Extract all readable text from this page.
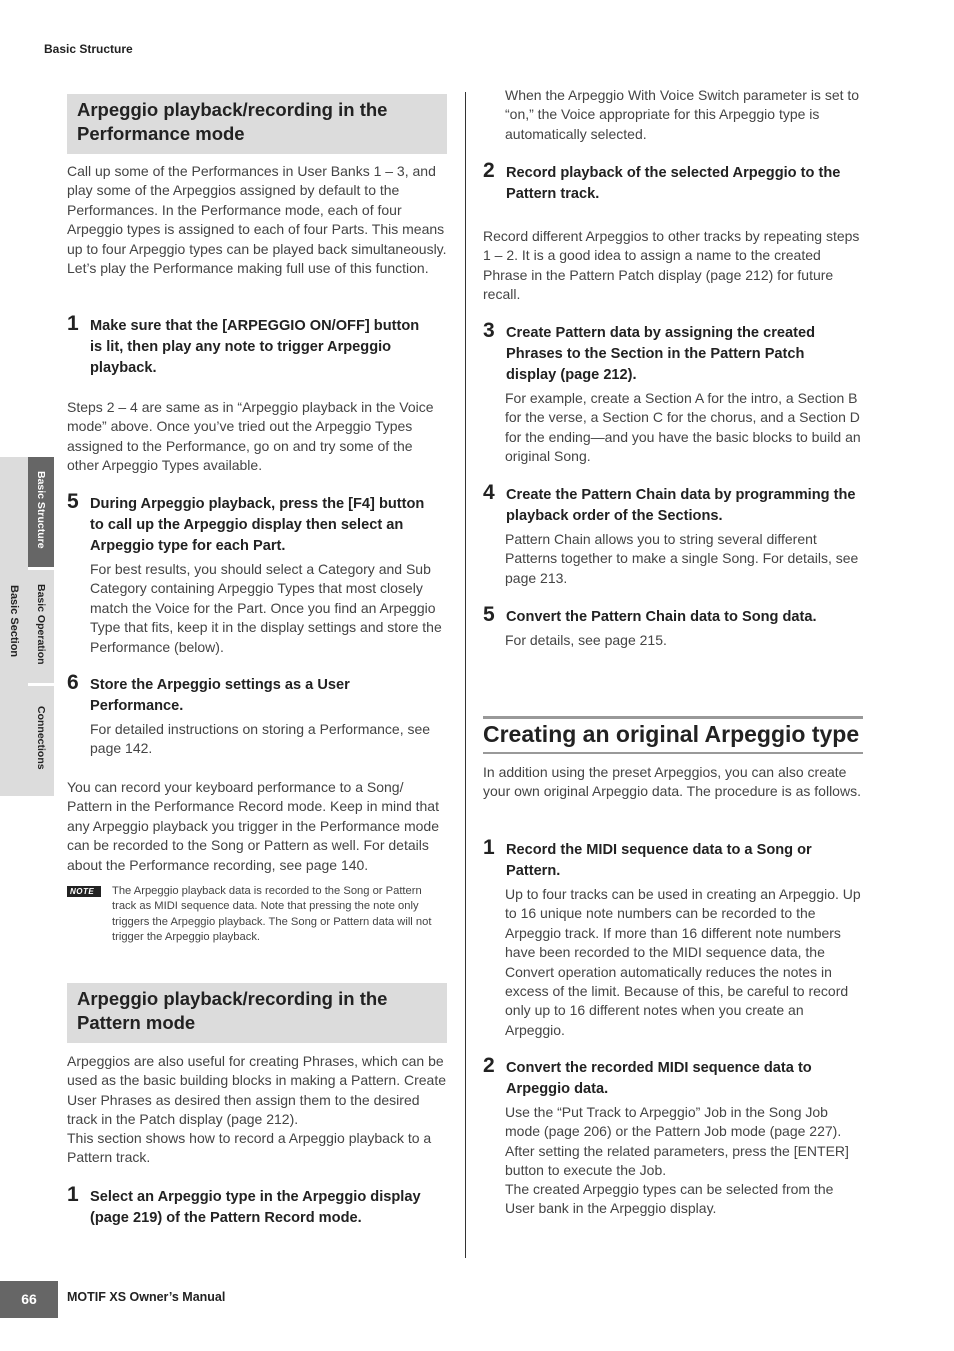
Basic Structure
Basic Section
Basic Structure
Basic Operation
Connections
Arpeggio playback/recording in the Performance mode
Call up some of the Performances in User Banks 1 – 3, and play some of the Arpeggios assigned by default to the Performances. In the Performance mode, each of four Arpeggio types is assigned to each of four Parts. This means up to four Arpeggio types can be played back simultaneously. Let’s play the Performance making full use of this function.
1 Make sure that the [ARPEGGIO ON/OFF] button is lit, then play any note to trigger Arpeggio playback.
Steps 2 – 4 are same as in “Arpeggio playback in the Voice mode” above. Once you’ve tried out the Arpeggio Types assigned to the Performance, go on and try some of the other Arpeggio Types available.
5 During Arpeggio playback, press the [F4] button to call up the Arpeggio display then select an Arpeggio type for each Part.
For best results, you should select a Category and Sub Category containing Arpeggio Types that most closely match the Voice for the Part. Once you find an Arpeggio Type that fits, keep it in the display settings and store the Performance (below).
6 Store the Arpeggio settings as a User Performance.
For detailed instructions on storing a Performance, see page 142.
You can record your keyboard performance to a Song/ Pattern in the Performance Record mode. Keep in mind that any Arpeggio playback you trigger in the Performance mode can be recorded to the Song or Pattern as well. For details about the Performance recording, see page 140.
NOTE	The Arpeggio playback data is recorded to the Song or Pattern track as MIDI sequence data. Note that pressing the note only triggers the Arpeggio playback. The Song or Pattern data will not trigger the Arpeggio playback.
Arpeggio playback/recording in the Pattern mode
Arpeggios are also useful for creating Phrases, which can be used as the basic building blocks in making a Pattern. Create User Phrases as desired then assign them to the desired track in the Patch display (page 212).
This section shows how to record a Arpeggio playback to a Pattern track.
1 Select an Arpeggio type in the Arpeggio display (page 219) of the Pattern Record mode.
When the Arpeggio With Voice Switch parameter is set to “on,” the Voice appropriate for this Arpeggio type is automatically selected.
2 Record playback of the selected Arpeggio to the Pattern track.
Record different Arpeggios to other tracks by repeating steps 1 – 2. It is a good idea to assign a name to the created Phrase in the Pattern Patch display (page 212) for future recall.
3 Create Pattern data by assigning the created Phrases to the Section in the Pattern Patch display (page 212).
For example, create a Section A for the intro, a Section B for the verse, a Section C for the chorus, and a Section D for the ending—and you have the basic blocks to build an original Song.
4 Create the Pattern Chain data by programming the playback order of the Sections.
Pattern Chain allows you to string several different Patterns together to make a single Song. For details, see page 213.
5 Convert the Pattern Chain data to Song data.
For details, see page 215.
Creating an original Arpeggio type
In addition using the preset Arpeggios, you can also create your own original Arpeggio data. The procedure is as follows.
1 Record the MIDI sequence data to a Song or Pattern.
Up to four tracks can be used in creating an Arpeggio. Up to 16 unique note numbers can be recorded to the Arpeggio track. If more than 16 different note numbers have been recorded to the MIDI sequence data, the Convert operation automatically reduces the notes in excess of the limit. Because of this, be careful to record only up to 16 different notes when you create an Arpeggio.
2 Convert the recorded MIDI sequence data to Arpeggio data.
Use the “Put Track to Arpeggio” Job in the Song Job mode (page 206) or the Pattern Job mode (page 227). After setting the related parameters, press the [ENTER] button to execute the Job.
The created Arpeggio types can be selected from the User bank in the Arpeggio display.
66	MOTIF XS Owner’s Manual
